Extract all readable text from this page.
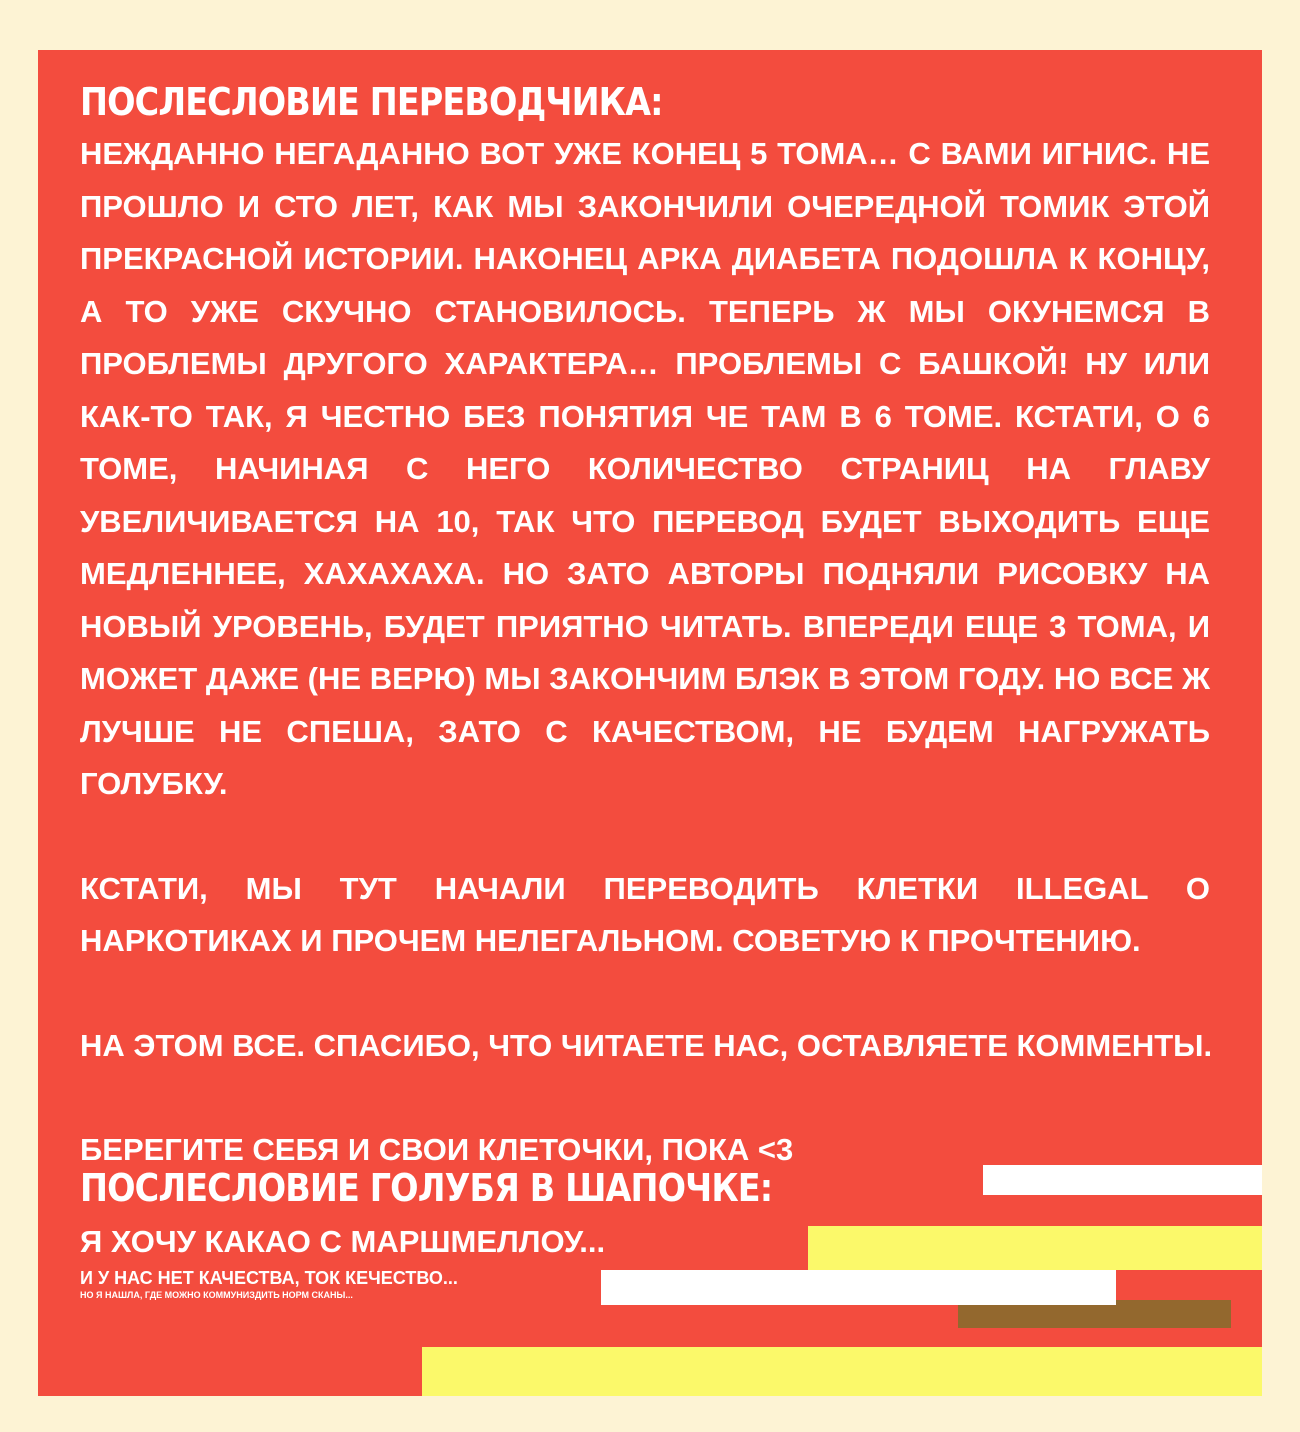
ПОСЛЕСЛОВИЕ ПЕРЕВОДЧИКА:

НЕЖДАННО НЕГАДАННО ВОТ УЖЕ КОНЕЦ 5 ТОМА… С ВАМИ ИГНИС. НЕ ПРОШЛО И СТО ЛЕТ, КАК МЫ ЗАКОНЧИЛИ ОЧЕРЕДНОЙ ТОМИК ЭТОЙ ПРЕКРАСНОЙ ИСТОРИИ. НАКОНЕЦ АРКА ДИАБЕТА ПОДОШЛА К КОНЦУ, А ТО УЖЕ СКУЧНО СТАНОВИЛОСЬ. ТЕПЕРЬ Ж МЫ ОКУНЕМСЯ В ПРОБЛЕМЫ ДРУГОГО ХАРАКТЕРА… ПРОБЛЕМЫ С БАШКОЙ! НУ ИЛИ КАК-ТО ТАК, Я ЧЕСТНО БЕЗ ПОНЯТИЯ ЧЕ ТАМ В 6 ТОМЕ. КСТАТИ, О 6 ТОМЕ, НАЧИНАЯ С НЕГО КОЛИЧЕСТВО СТРАНИЦ НА ГЛАВУ УВЕЛИЧИВАЕТСЯ НА 10, ТАК ЧТО ПЕРЕВОД БУДЕТ ВЫХОДИТЬ ЕЩЕ МЕДЛЕННЕЕ, ХАХАХАХА. НО ЗАТО АВТОРЫ ПОДНЯЛИ РИСОВКУ НА НОВЫЙ УРОВЕНЬ, БУДЕТ ПРИЯТНО ЧИТАТЬ. ВПЕРЕДИ ЕЩЕ 3 ТОМА, И МОЖЕТ ДАЖЕ (НЕ ВЕРЮ) МЫ ЗАКОНЧИМ БЛЭК В ЭТОМ ГОДУ. НО ВСЕ Ж ЛУЧШЕ НЕ СПЕША, ЗАТО С КАЧЕСТВОМ, НЕ БУДЕМ НАГРУЖАТЬ ГОЛУБКУ.

КСТАТИ, МЫ ТУТ НАЧАЛИ ПЕРЕВОДИТЬ КЛЕТКИ ILLEGAL О НАРКОТИКАХ И ПРОЧЕМ НЕЛЕГАЛЬНОМ. СОВЕТУЮ К ПРОЧТЕНИЮ.

НА ЭТОМ ВСЕ. СПАСИБО, ЧТО ЧИТАЕТЕ НАС, ОСТАВЛЯЕТЕ КОММЕНТЫ.

БЕРЕГИТЕ СЕБЯ И СВОИ КЛЕТОЧКИ, ПОКА <3

ПОСЛЕСЛОВИЕ ГОЛУБЯ В ШАПОЧКЕ:
Я ХОЧУ КАКАО С МАРШМЕЛЛОУ...
И У НАС НЕТ КАЧЕСТВА, ТОК КЕЧЕСТВО...
НО Я НАШЛА, ГДЕ МОЖНО КОММУНИЗДИТЬ НОРМ СКАНЫ...
